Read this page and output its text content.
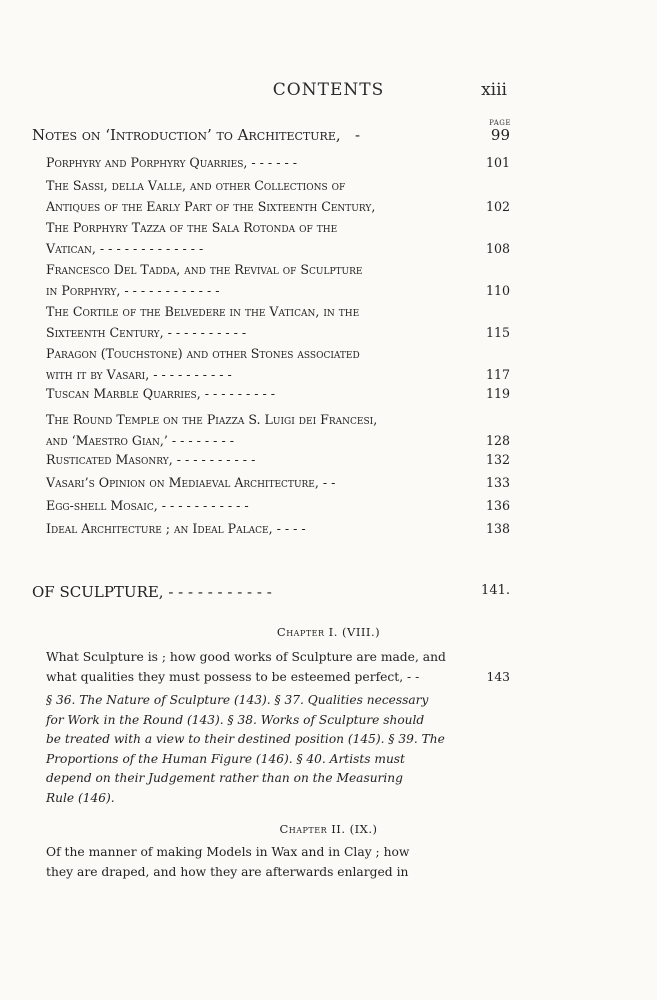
CONTENTS	xiii
PAGE
Notes on ‘Introduction’ to Architecture, -	99
Porphyry and Porphyry Quarries, - - - - - -	101
The Sassi, della Valle, and other Collections of
Antiques of the Early Part of the Sixteenth Century,	102
The Porphyry Tazza of the Sala Rotonda of the
Vatican, - - - - - - - - - - - - -	108
Francesco Del Tadda, and the Revival of Sculpture
in Porphyry, - - - - - - - - - - - -	110
The Cortile of the Belvedere in the Vatican, in the
Sixteenth Century, - - - - - - - - - -	115
Paragon (Touchstone) and other Stones associated
with it by Vasari, - - - - - - - - - -	117
Tuscan Marble Quarries, - - - - - - - - -	119
The Round Temple on the Piazza S. Luigi dei Francesi,
and ‘Maestro Gian,’ - - - - - - - -	128
Rusticated Masonry, - - - - - - - - - -	132
Vasari’s Opinion on Mediaeval Architecture, - -	133
Egg-shell Mosaic, - - - - - - - - - - -	136
Ideal Architecture ; an Ideal Palace, - - - -	138
OF SCULPTURE, - - - - - - - - - - -	141.
Chapter I. (VIII.)
What Sculpture is ; how good works of Sculpture are made, and
what qualities they must possess to be esteemed perfect, - -	143
§ 36. The Nature of Sculpture (143). § 37. Qualities necessary
for Work in the Round (143). § 38. Works of Sculpture should
be treated with a view to their destined position (145). § 39. The
Proportions of the Human Figure (146). § 40. Artists must
depend on their Judgement rather than on the Measuring
Rule (146).
Chapter II. (IX.)
Of the manner of making Models in Wax and in Clay ; how
they are draped, and how they are afterwards enlarged in
